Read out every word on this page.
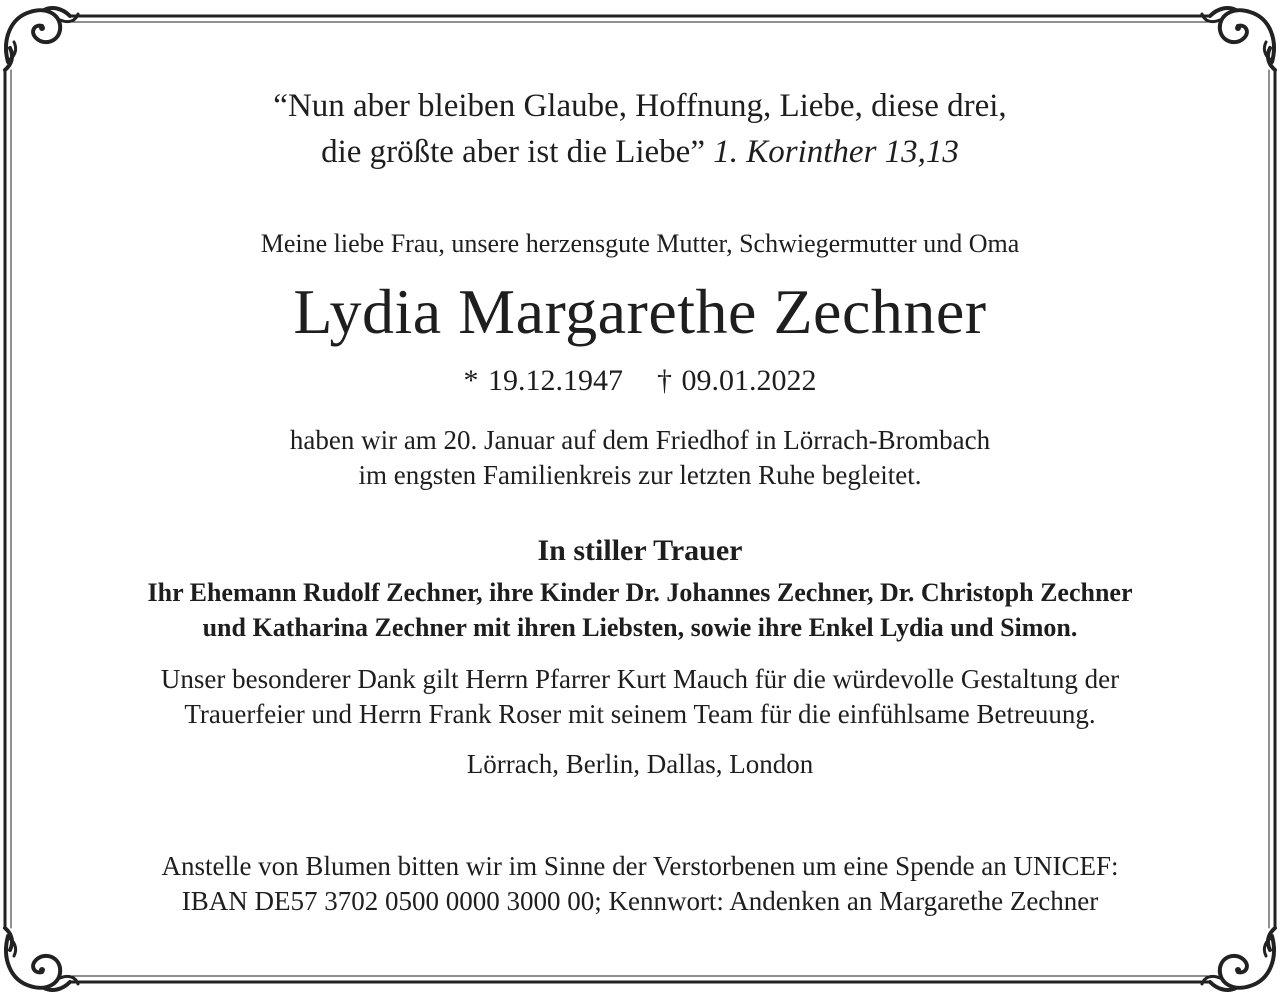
“Nun aber bleiben Glaube, Hoffnung, Liebe, diese drei,
die größte aber ist die Liebe” 1. Korinther 13,13
Meine liebe Frau, unsere herzensgute Mutter, Schwiegermutter und Oma
Lydia Margarethe Zechner
* 19.12.1947 † 09.01.2022
haben wir am 20. Januar auf dem Friedhof in Lörrach-Brombach
im engsten Familienkreis zur letzten Ruhe begleitet.
In stiller Trauer
Ihr Ehemann Rudolf Zechner, ihre Kinder Dr. Johannes Zechner, Dr. Christoph Zechner
und Katharina Zechner mit ihren Liebsten, sowie ihre Enkel Lydia und Simon.
Unser besonderer Dank gilt Herrn Pfarrer Kurt Mauch für die würdevolle Gestaltung der
Trauerfeier und Herrn Frank Roser mit seinem Team für die einfühlsame Betreuung.
Lörrach, Berlin, Dallas, London
Anstelle von Blumen bitten wir im Sinne der Verstorbenen um eine Spende an UNICEF:
IBAN DE57 3702 0500 0000 3000 00; Kennwort: Andenken an Margarethe Zechner
